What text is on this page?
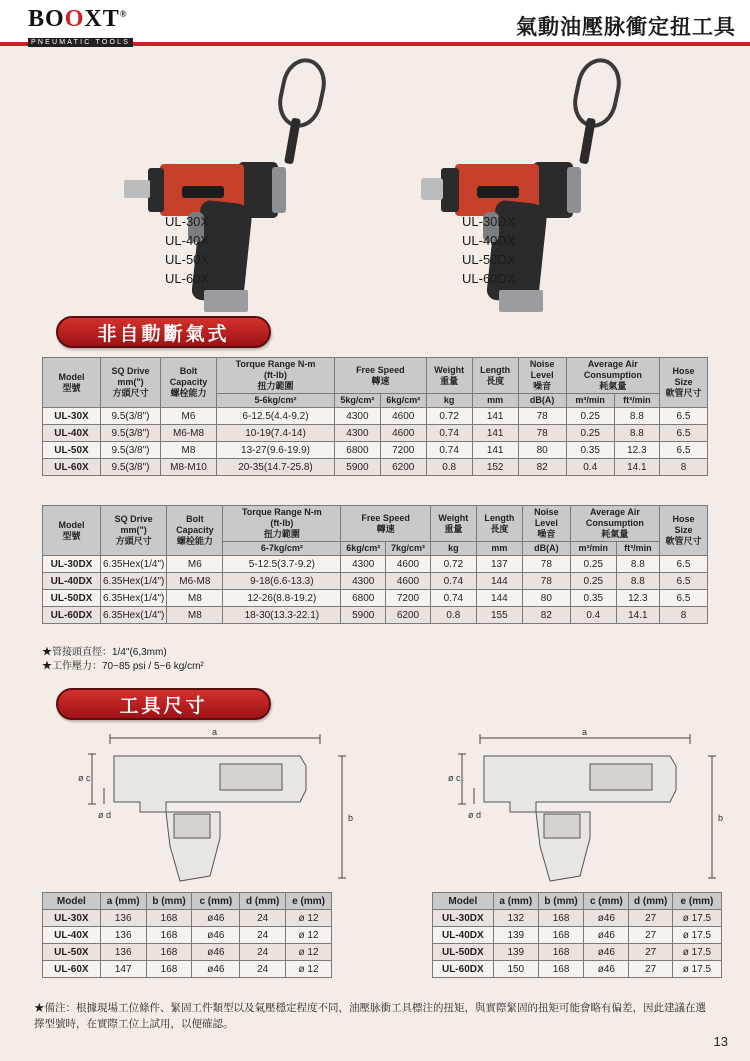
BOOXT®
PNEUMATIC TOOLS
氣動油壓脉衝定扭工具
UL-30X
UL-40X
UL-50X
UL-60X
UL-30DX
UL-40DX
UL-50DX
UL-60DX
非自動斷氣式
Model
型號	SQ Drive
mm(")
方頭尺寸	Bolt
Capacity
螺栓能力	Torque Range N-m
(ft-lb)
扭力範圍	Free Speed
轉速		Weight
重量	Length
長度	Noise
Level
噪音	Average Air
Consumption
耗氣量		Hose
Size
軟管尺寸
			5-6kg/cm²	5kg/cm²	6kg/cm²	kg	mm	dB(A)	m³/min	ft³/min	
UL-30X	9.5(3/8")	M6	6-12.5(4.4-9.2)	4300	4600	0.72	141	78	0.25	8.8	6.5
UL-40X	9.5(3/8")	M6-M8	10-19(7.4-14)	4300	4600	0.74	141	78	0.25	8.8	6.5
UL-50X	9.5(3/8")	M8	13-27(9.6-19.9)	6800	7200	0.74	141	80	0.35	12.3	6.5
UL-60X	9.5(3/8")	M8-M10	20-35(14.7-25.8)	5900	6200	0.8	152	82	0.4	14.1	8
Model
型號	SQ Drive
mm(")
方頭尺寸	Bolt
Capacity
螺栓能力	Torque Range N-m
(ft-lb)
扭力範圍	Free Speed
轉速		Weight
重量	Length
長度	Noise
Level
噪音	Average Air
Consumption
耗氣量		Hose
Size
軟管尺寸
			6-7kg/cm²	6kg/cm²	7kg/cm²	kg	mm	dB(A)	m³/min	ft³/min	
UL-30DX	6.35Hex(1/4")	M6	5-12.5(3.7-9.2)	4300	4600	0.72	137	78	0.25	8.8	6.5
UL-40DX	6.35Hex(1/4")	M6-M8	9-18(6.6-13.3)	4300	4600	0.74	144	78	0.25	8.8	6.5
UL-50DX	6.35Hex(1/4")	M8	12-26(8.8-19.2)	6800	7200	0.74	144	80	0.35	12.3	6.5
UL-60DX	6.35Hex(1/4")	M8	18-30(13.3-22.1)	5900	6200	0.8	155	82	0.4	14.1	8
★管接頭直徑：1/4"(6,3mm)
★工作壓力：70~85 psi / 5~6 kg/cm²
工具尺寸
a
ø c
ø d	b
a
ø c
ø d	b
Model	a (mm)	b (mm)	c (mm)	d (mm)	e (mm)
UL-30X	136	168	ø46	24	ø 12
UL-40X	136	168	ø46	24	ø 12
UL-50X	136	168	ø46	24	ø 12
UL-60X	147	168	ø46	24	ø 12
Model	a (mm)	b (mm)	c (mm)	d (mm)	e (mm)
UL-30DX	132	168	ø46	27	ø 17.5
UL-40DX	139	168	ø46	27	ø 17.5
UL-50DX	139	168	ø46	27	ø 17.5
UL-60DX	150	168	ø46	27	ø 17.5
★備注：根據現場工位條件、緊固工件類型以及氣壓穩定程度不同，油壓脉衝工具標注的扭矩，與實際緊固的扭矩可能會略有偏差，因此建議在選擇型號時，在實際工位上試用，以便確認。
13
